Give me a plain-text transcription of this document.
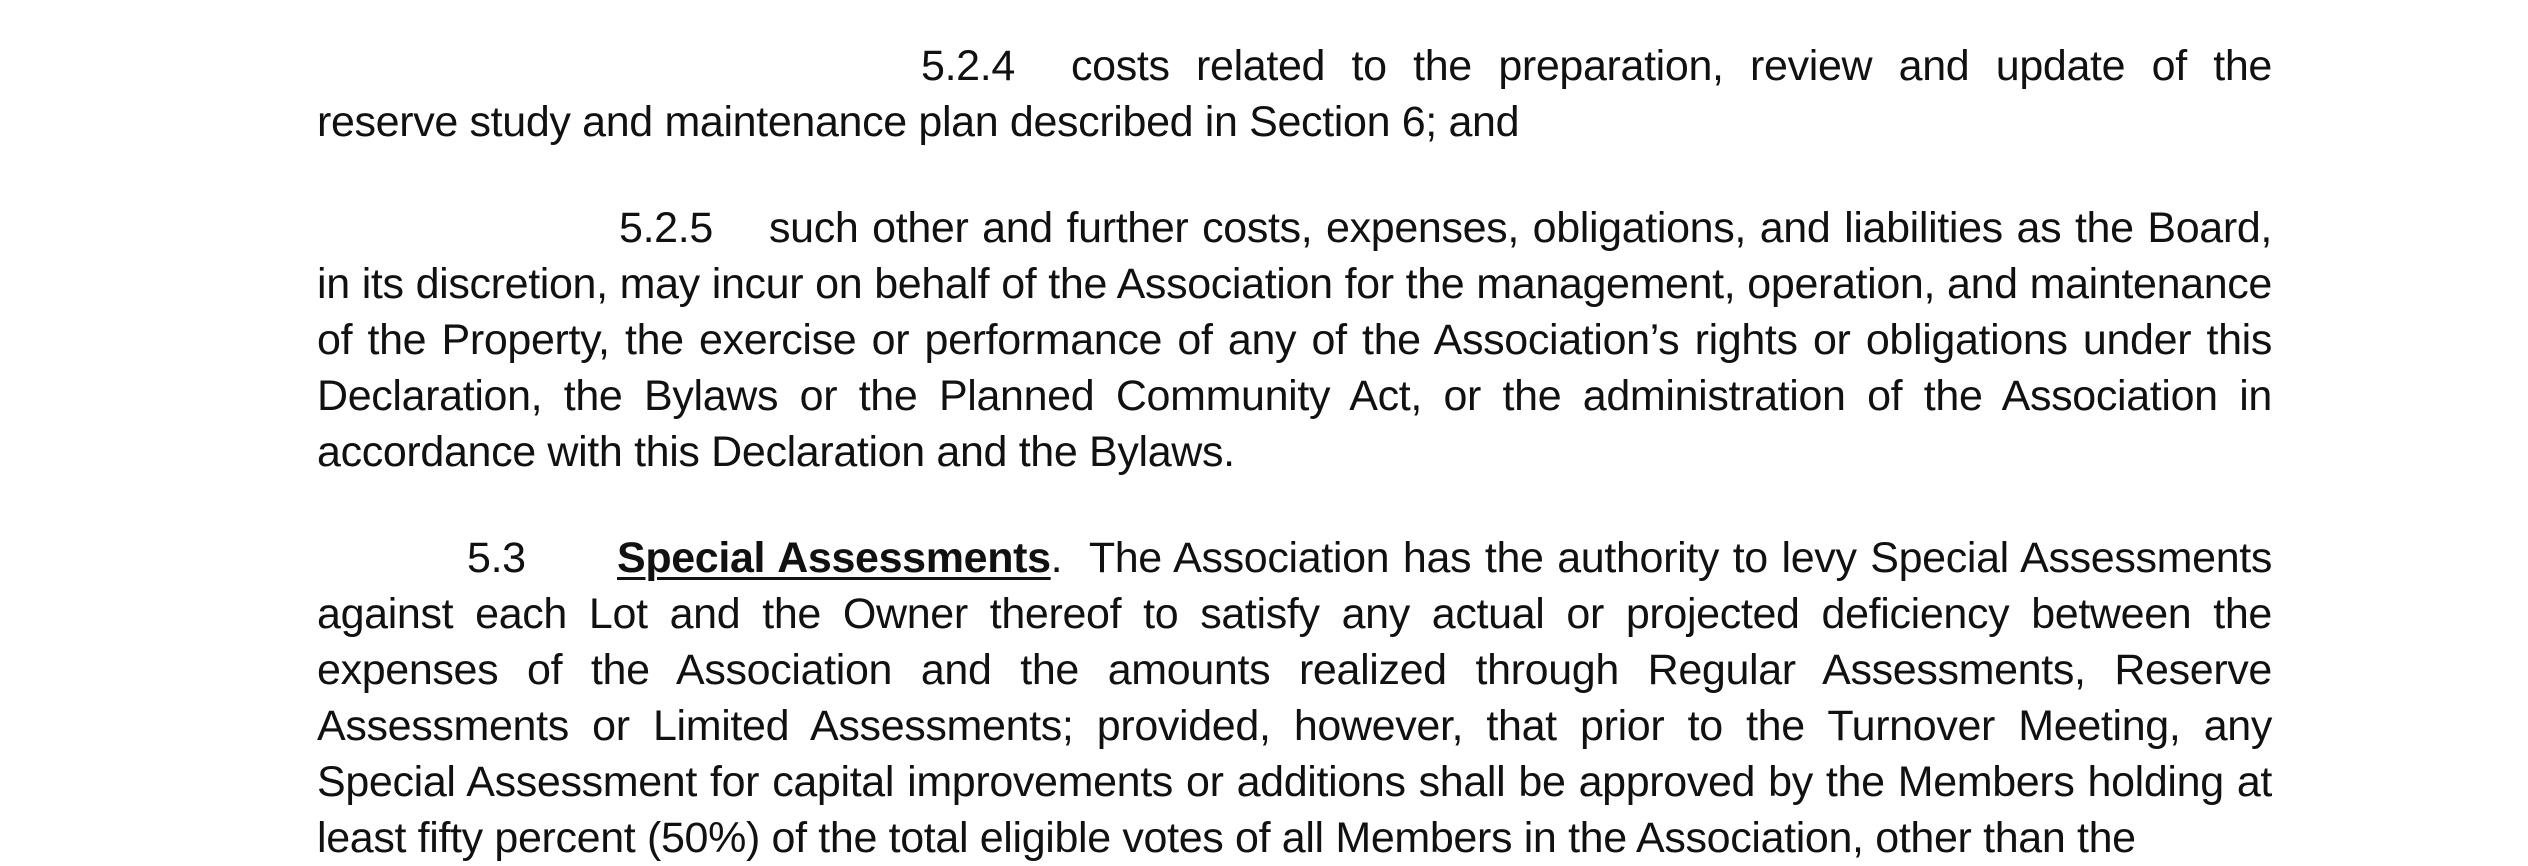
5.2.4 costs related to the preparation, review and update of the reserve study and maintenance plan described in Section 6; and

5.2.5 such other and further costs, expenses, obligations, and liabilities as the Board, in its discretion, may incur on behalf of the Association for the management, operation, and maintenance of the Property, the exercise or performance of any of the Association’s rights or obligations under this Declaration, the Bylaws or the Planned Community Act, or the administration of the Association in accordance with this Declaration and the Bylaws.

5.3 Special Assessments. The Association has the authority to levy Special Assessments against each Lot and the Owner thereof to satisfy any actual or projected deficiency between the expenses of the Association and the amounts realized through Regular Assessments, Reserve Assessments or Limited Assessments; provided, however, that prior to the Turnover Meeting, any Special Assessment for capital improvements or additions shall be approved by the Members holding at least fifty percent (50%) of the total eligible votes of all Members in the Association, other than the
